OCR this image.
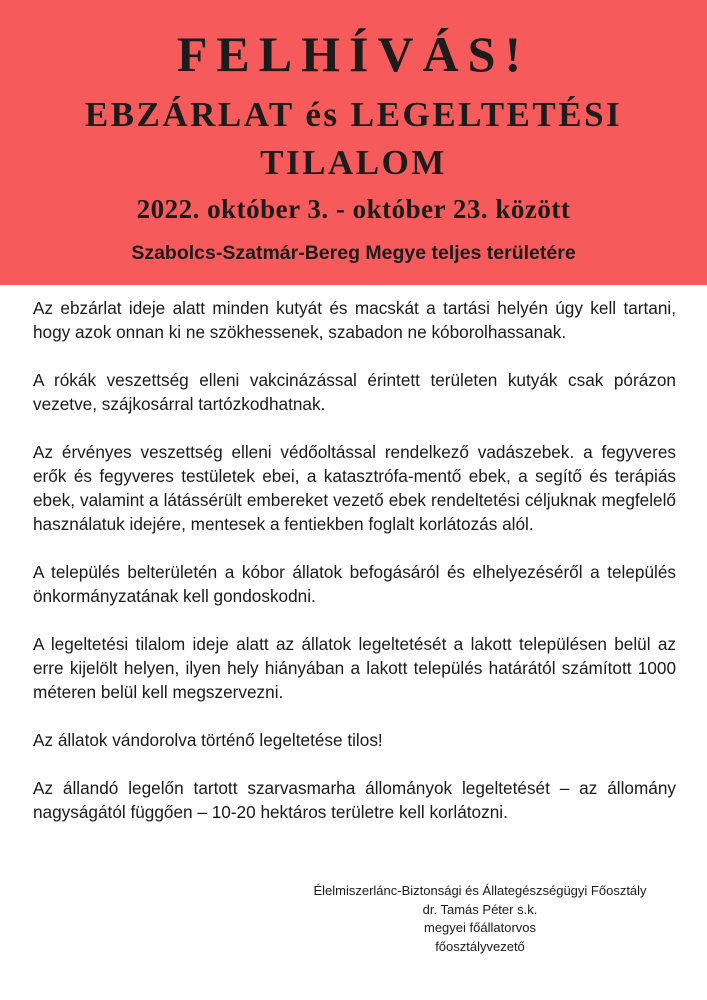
FELHÍVÁS!
EBZÁRLAT és LEGELTETÉSI
TILALOM
2022. október 3. - október 23. között
Szabolcs-Szatmár-Bereg Megye teljes területére

Az ebzárlat ideje alatt minden kutyát és macskát a tartási helyén úgy kell tartani, hogy azok onnan ki ne szökhessenek, szabadon ne kóborolhassanak.

A rókák veszettség elleni vakcinázással érintett területen kutyák csak pórázon vezetve, szájkosárral tartózkodhatnak.

Az érvényes veszettség elleni védőoltással rendelkező vadászebek. a fegyveres erők és fegyveres testületek ebei, a katasztrófa-mentő ebek, a segítő és terápiás ebek, valamint a látássérült embereket vezető ebek rendeltetési céljuknak megfelelő használatuk idejére, mentesek a fentiekben foglalt korlátozás alól.

A település belterületén a kóbor állatok befogásáról és elhelyezéséről a település önkormányzatának kell gondoskodni.

A legeltetési tilalom ideje alatt az állatok legeltetését a lakott településen belül az erre kijelölt helyen, ilyen hely hiányában a lakott település határától számított 1000 méteren belül kell megszervezni.

Az állatok vándorolva történő legeltetése tilos!

Az állandó legelőn tartott szarvasmarha állományok legeltetését – az állomány nagyságától függően – 10-20 hektáros területre kell korlátozni.

Élelmiszerlánc-Biztonsági és Állategészségügyi Főosztály
dr. Tamás Péter s.k.
megyei főállatorvos
főosztályvezető
